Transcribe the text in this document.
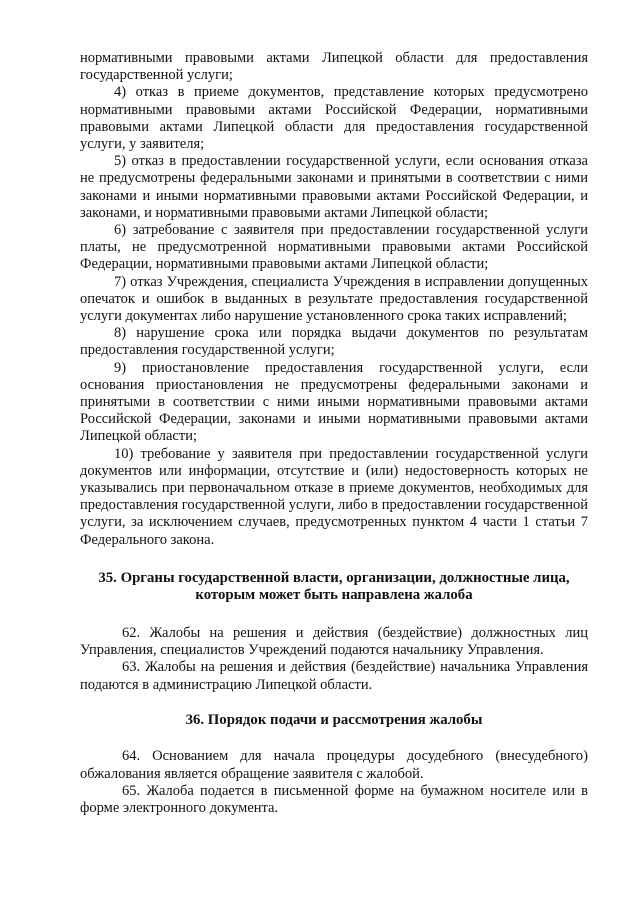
нормативными правовыми актами Липецкой области для предоставления государственной услуги;

4) отказ в приеме документов, представление которых предусмотрено нормативными правовыми актами Российской Федерации, нормативными правовыми актами Липецкой области для предоставления государственной услуги, у заявителя;

5) отказ в предоставлении государственной услуги, если основания отказа не предусмотрены федеральными законами и принятыми в соответствии с ними законами и иными нормативными правовыми актами Российской Федерации, и законами, и нормативными правовыми актами Липецкой области;

6) затребование с заявителя при предоставлении государственной услуги платы, не предусмотренной нормативными правовыми актами Российской Федерации, нормативными правовыми актами Липецкой области;

7) отказ Учреждения, специалиста Учреждения в исправлении допущенных опечаток и ошибок в выданных в результате предоставления государственной услуги документах либо нарушение установленного срока таких исправлений;

8) нарушение срока или порядка выдачи документов по результатам предоставления государственной услуги;

9) приостановление предоставления государственной услуги, если основания приостановления не предусмотрены федеральными законами и принятыми в соответствии с ними иными нормативными правовыми актами Российской Федерации, законами и иными нормативными правовыми актами Липецкой области;

10) требование у заявителя при предоставлении государственной услуги документов или информации, отсутствие и (или) недостоверность которых не указывались при первоначальном отказе в приеме документов, необходимых для предоставления государственной услуги, либо в предоставлении государственной услуги, за исключением случаев, предусмотренных пунктом 4 части 1 статьи 7 Федерального закона.

35. Органы государственной власти, организации, должностные лица,
которым может быть направлена жалоба

62. Жалобы на решения и действия (бездействие) должностных лиц Управления, специалистов Учреждений подаются начальнику Управления.

63. Жалобы на решения и действия (бездействие) начальника Управления подаются в администрацию Липецкой области.

36. Порядок подачи и рассмотрения жалобы

64. Основанием для начала процедуры досудебного (внесудебного) обжалования является обращение заявителя с жалобой.

65. Жалоба подается в письменной форме на бумажном носителе или в форме электронного документа.
